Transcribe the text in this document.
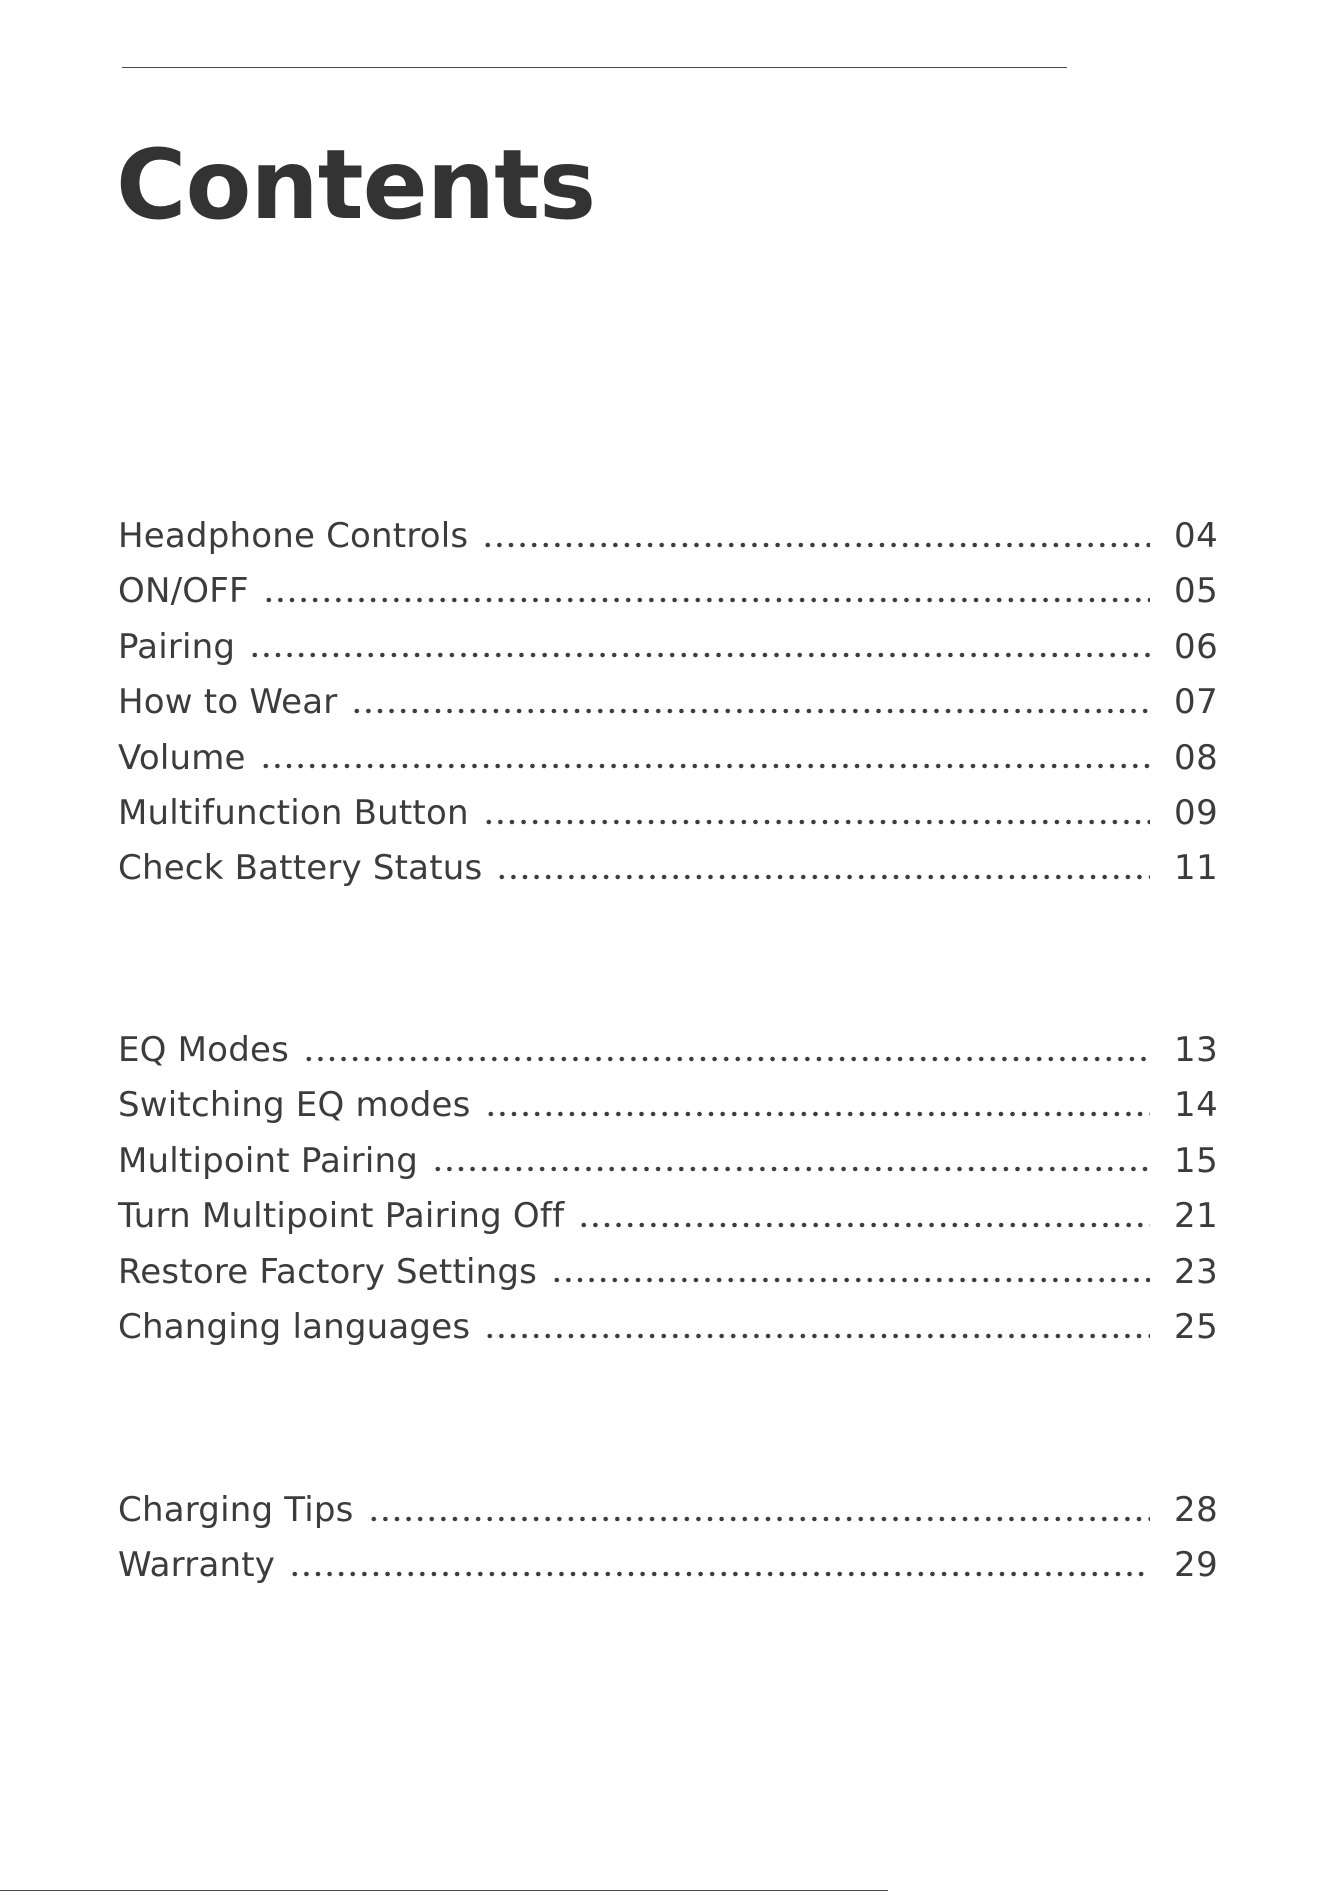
Contents
Headphone Controls	04
ON/OFF	05
Pairing	06
How to Wear	07
Volume	08
Multifunction Button	09
Check Battery Status	11
EQ Modes	13
Switching EQ modes	14
Multipoint Pairing	15
Turn Multipoint Pairing Off	21
Restore Factory Settings	23
Changing languages	25
Charging Tips	28
Warranty	29
